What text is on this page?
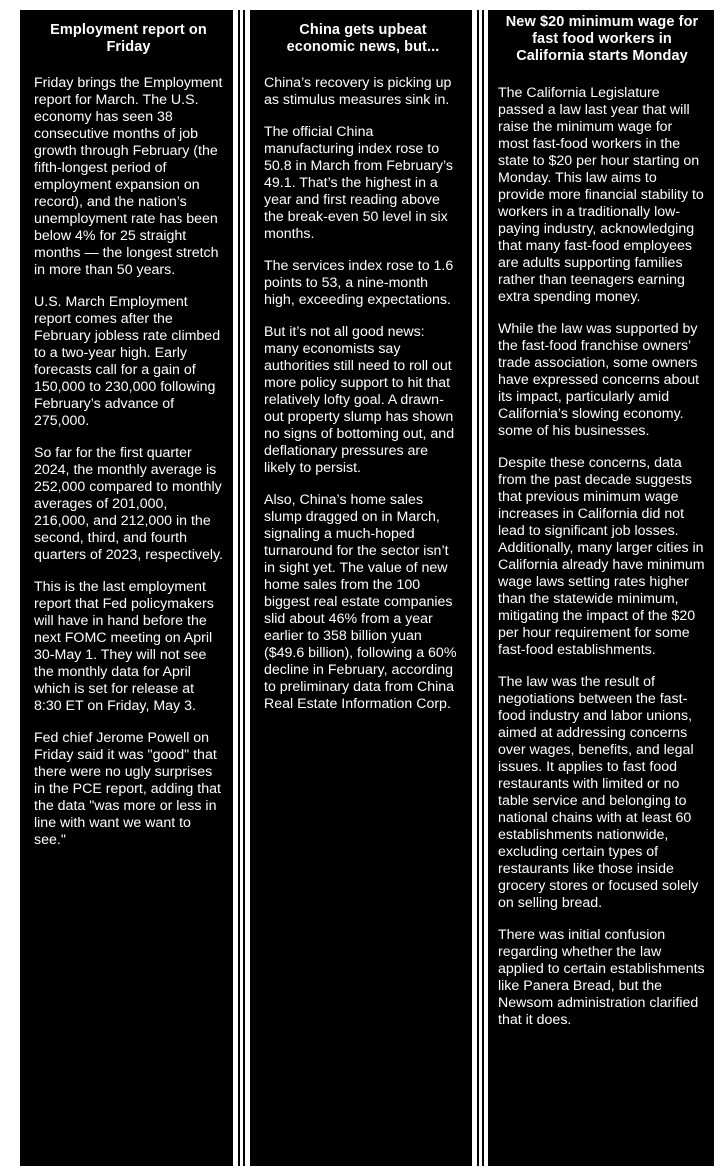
Employment report on Friday

Friday brings the Employment report for March. The U.S. economy has seen 38 consecutive months of job growth through February (the fifth-longest period of employment expansion on record), and the nation’s unemployment rate has been below 4% for 25 straight months — the longest stretch in more than 50 years.

U.S. March Employment report comes after the February jobless rate climbed to a two-year high. Early forecasts call for a gain of 150,000 to 230,000 following February’s advance of 275,000.

So far for the first quarter 2024, the monthly average is 252,000 compared to monthly averages of 201,000, 216,000, and 212,000 in the second, third, and fourth quarters of 2023, respectively.

This is the last employment report that Fed policymakers will have in hand before the next FOMC meeting on April 30-May 1. They will not see the monthly data for April which is set for release at 8:30 ET on Friday, May 3.

Fed chief Jerome Powell on Friday said it was "good" that there were no ugly surprises in the PCE report, adding that the data "was more or less in line with want we want to see."

China gets upbeat economic news, but...

China’s recovery is picking up as stimulus measures sink in.

The official China manufacturing index rose to 50.8 in March from February’s 49.1. That’s the highest in a year and first reading above the break-even 50 level in six months.

The services index rose to 1.6 points to 53, a nine-month high, exceeding expectations.

But it’s not all good news: many economists say authorities still need to roll out more policy support to hit that relatively lofty goal. A drawn-out property slump has shown no signs of bottoming out, and deflationary pressures are likely to persist.

Also, China’s home sales slump dragged on in March, signaling a much-hoped turnaround for the sector isn’t in sight yet. The value of new home sales from the 100 biggest real estate companies slid about 46% from a year earlier to 358 billion yuan ($49.6 billion), following a 60% decline in February, according to preliminary data from China Real Estate Information Corp.

New $20 minimum wage for fast food workers in California starts Monday

The California Legislature passed a law last year that will raise the minimum wage for most fast-food workers in the state to $20 per hour starting on Monday. This law aims to provide more financial stability to workers in a traditionally low-paying industry, acknowledging that many fast-food employees are adults supporting families rather than teenagers earning extra spending money.

While the law was supported by the fast-food franchise owners’ trade association, some owners have expressed concerns about its impact, particularly amid California’s slowing economy. some of his businesses.

Despite these concerns, data from the past decade suggests that previous minimum wage increases in California did not lead to significant job losses. Additionally, many larger cities in California already have minimum wage laws setting rates higher than the statewide minimum, mitigating the impact of the $20 per hour requirement for some fast-food establishments.

The law was the result of negotiations between the fast-food industry and labor unions, aimed at addressing concerns over wages, benefits, and legal issues. It applies to fast food restaurants with limited or no table service and belonging to national chains with at least 60 establishments nationwide, excluding certain types of restaurants like those inside grocery stores or focused solely on selling bread.

There was initial confusion regarding whether the law applied to certain establishments like Panera Bread, but the Newsom administration clarified that it does.
